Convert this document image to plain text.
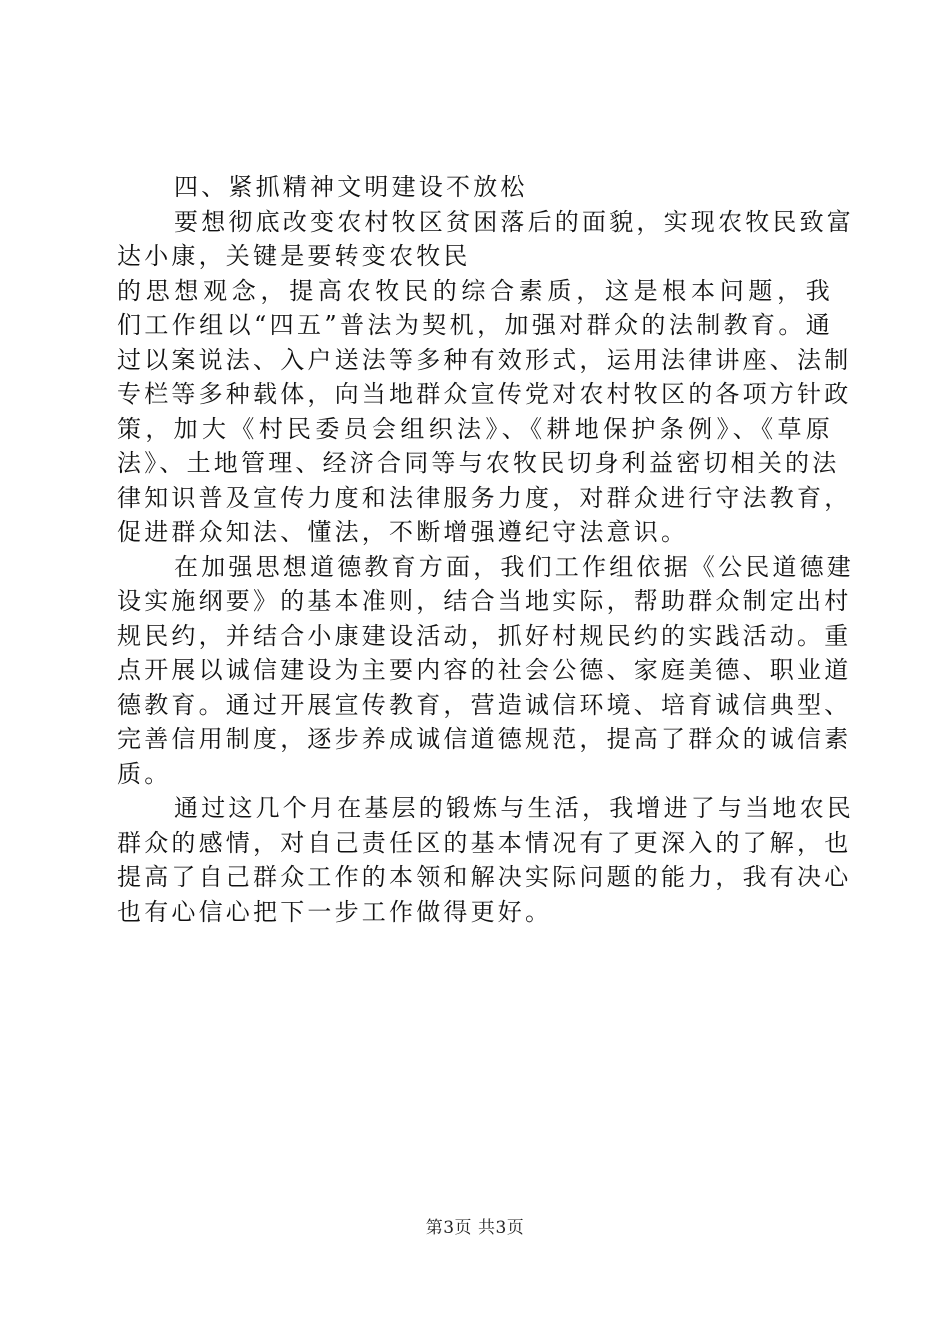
四、紧抓精神文明建设不放松
要想彻底改变农村牧区贫困落后的面貌，实现农牧民致富
达小康，关键是要转变农牧民
的思想观念，提高农牧民的综合素质，这是根本问题，我
们工作组以“四五”普法为契机，加强对群众的法制教育。通
过以案说法、入户送法等多种有效形式，运用法律讲座、法制
专栏等多种载体，向当地群众宣传党对农村牧区的各项方针政
策，加大《村民委员会组织法》、《耕地保护条例》、《草原
法》、土地管理、经济合同等与农牧民切身利益密切相关的法
律知识普及宣传力度和法律服务力度，对群众进行守法教育，
促进群众知法、懂法，不断增强遵纪守法意识。
在加强思想道德教育方面，我们工作组依据《公民道德建
设实施纲要》的基本准则，结合当地实际，帮助群众制定出村
规民约，并结合小康建设活动，抓好村规民约的实践活动。重
点开展以诚信建设为主要内容的社会公德、家庭美德、职业道
德教育。通过开展宣传教育，营造诚信环境、培育诚信典型、
完善信用制度，逐步养成诚信道德规范，提高了群众的诚信素
质。
通过这几个月在基层的锻炼与生活，我增进了与当地农民
群众的感情，对自己责任区的基本情况有了更深入的了解，也
提高了自己群众工作的本领和解决实际问题的能力，我有决心
也有心信心把下一步工作做得更好。
第3页 共3页
